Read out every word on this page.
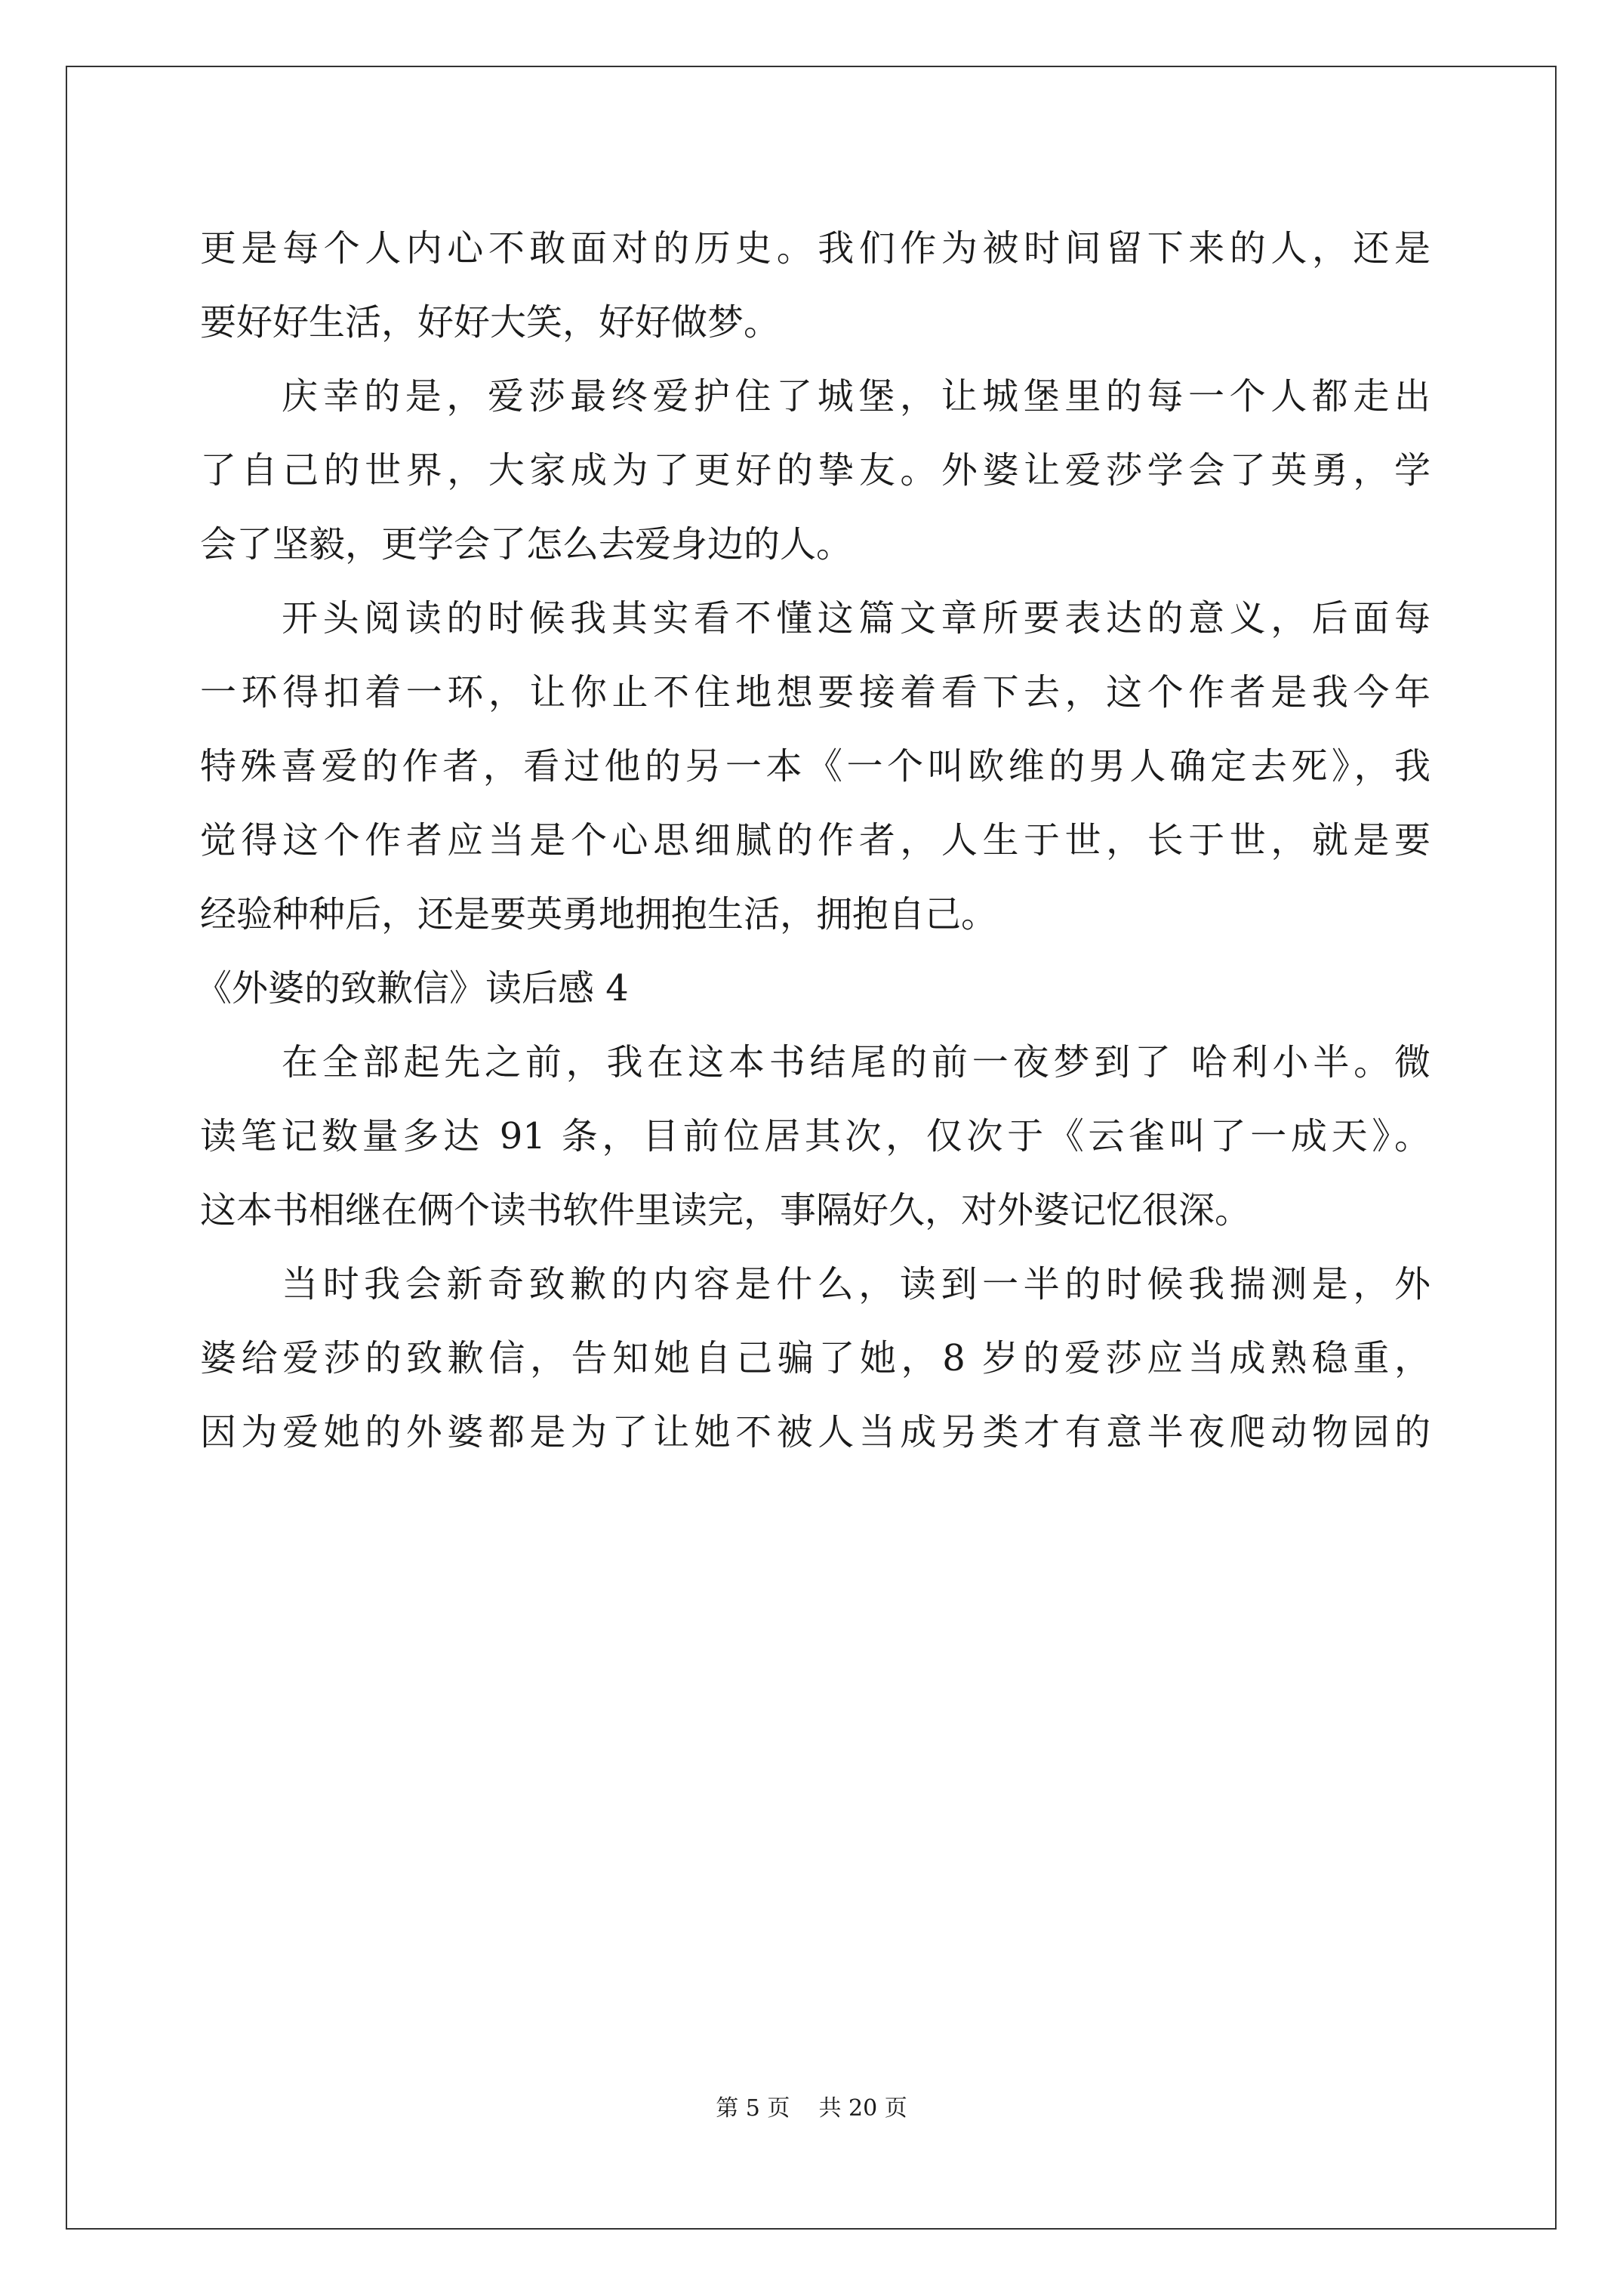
更是每个人内心不敢面对的历史。我们作为被时间留下来的人，还是
要好好生活，好好大笑，好好做梦。
庆幸的是，爱莎最终爱护住了城堡，让城堡里的每一个人都走出
了自己的世界，大家成为了更好的挚友。外婆让爱莎学会了英勇，学
会了坚毅，更学会了怎么去爱身边的人。
开头阅读的时候我其实看不懂这篇文章所要表达的意义，后面每
一环得扣着一环，让你止不住地想要接着看下去，这个作者是我今年
特殊喜爱的作者，看过他的另一本《一个叫欧维的男人确定去死》，我
觉得这个作者应当是个心思细腻的作者，人生于世，长于世，就是要
经验种种后，还是要英勇地拥抱生活，拥抱自己。
《外婆的致歉信》读后感 4
在全部起先之前，我在这本书结尾的前一夜梦到了 哈利小半。微
读笔记数量多达 91 条，目前位居其次，仅次于《云雀叫了一成天》。
这本书相继在俩个读书软件里读完，事隔好久，对外婆记忆很深。
当时我会新奇致歉的内容是什么，读到一半的时候我揣测是，外
婆给爱莎的致歉信，告知她自己骗了她，8 岁的爱莎应当成熟稳重，
因为爱她的外婆都是为了让她不被人当成另类才有意半夜爬动物园的
第 5 页    共 20 页
